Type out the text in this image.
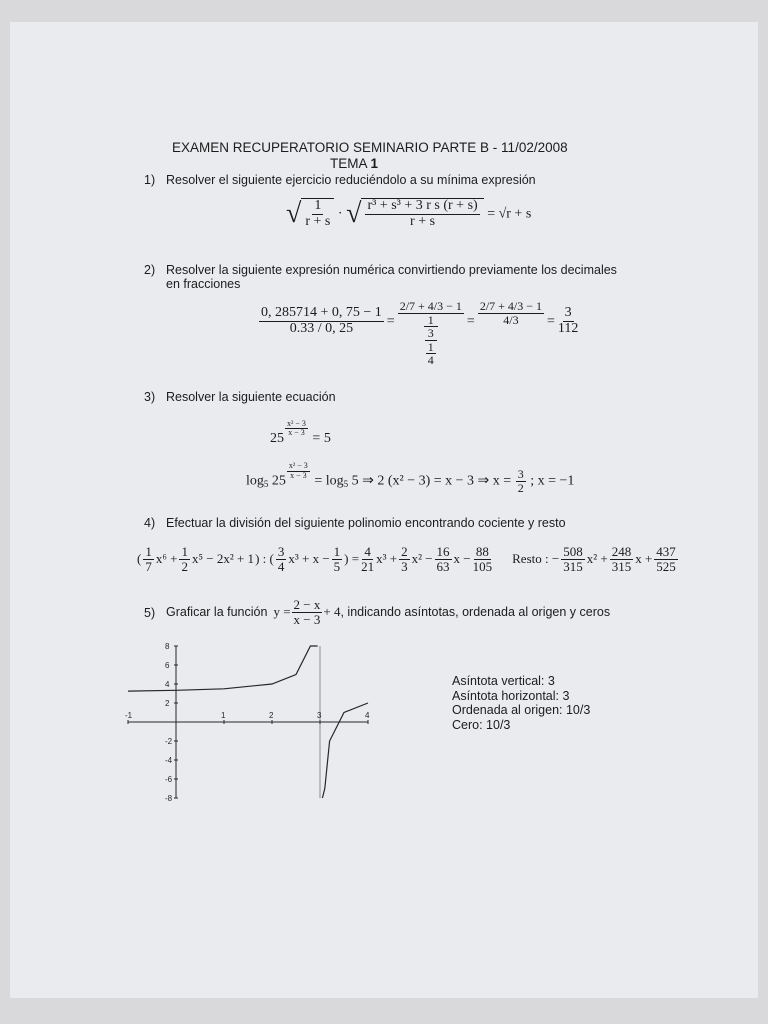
EXAMEN RECUPERATORIO SEMINARIO PARTE B - 11/02/2008
TEMA 1
1) Resolver el siguiente ejercicio reduciéndolo a su mínima expresión
√ $\frac{1}{r + s}$ · √ $\frac{\text{r³ + s³ + 3 r s (r + s)}}{r + s} = √r + s$
2) Resolver la siguiente expresión numérica convirtiendo previamente los decimales
en fracciones
$\frac{0, 285714 + 0, 75 - 1}{0.33 / 0, 25} = 2/7 + 4/3 - 1$
1
3
1
$4 = \frac{2/7 + 4/3 - 1}{4/3} = \frac{3}{112}$
3) Resolver la siguiente ecuación
25
$\frac{\text{x² − 3}}{x - 3}$
= 5
$\log_5 25$
$\frac{\text{x² − 3}}{x - 3}$
= $\log_5 5$ ⇒ 2 (x² − 3) = x − 3 ⇒ $x = \frac{3}{2}$ ; x = −1
4) Efectuar la división del siguiente polinomio encontrando cociente y resto
( $\frac{1}{7} x^6 + \frac{1}{2} x^5 - 2x^2 + 1$ ) : ( $\frac{3}{4} x^3 + x - \frac{1}{5}$ ) = $\frac{4}{21} x^3 + \frac{2}{3} x^2 - \frac{16}{63}$ $x - \frac{88}{105}$ Resto : − $\frac{508}{315} x^2 + \frac{248}{315}$ $x + \frac{437}{525}$
5) Graficar la función $y = \frac{2 - x}{x - 3} + 4$ , indicando asíntotas, ordenada al origen y ceros
-1	1	2	3	4
8
6
4
2
-2
-4
-6
-8
Asíntota vertical: 3
Asíntota horizontal: 3
Ordenada al origen: 10/3
Cero: 10/3
